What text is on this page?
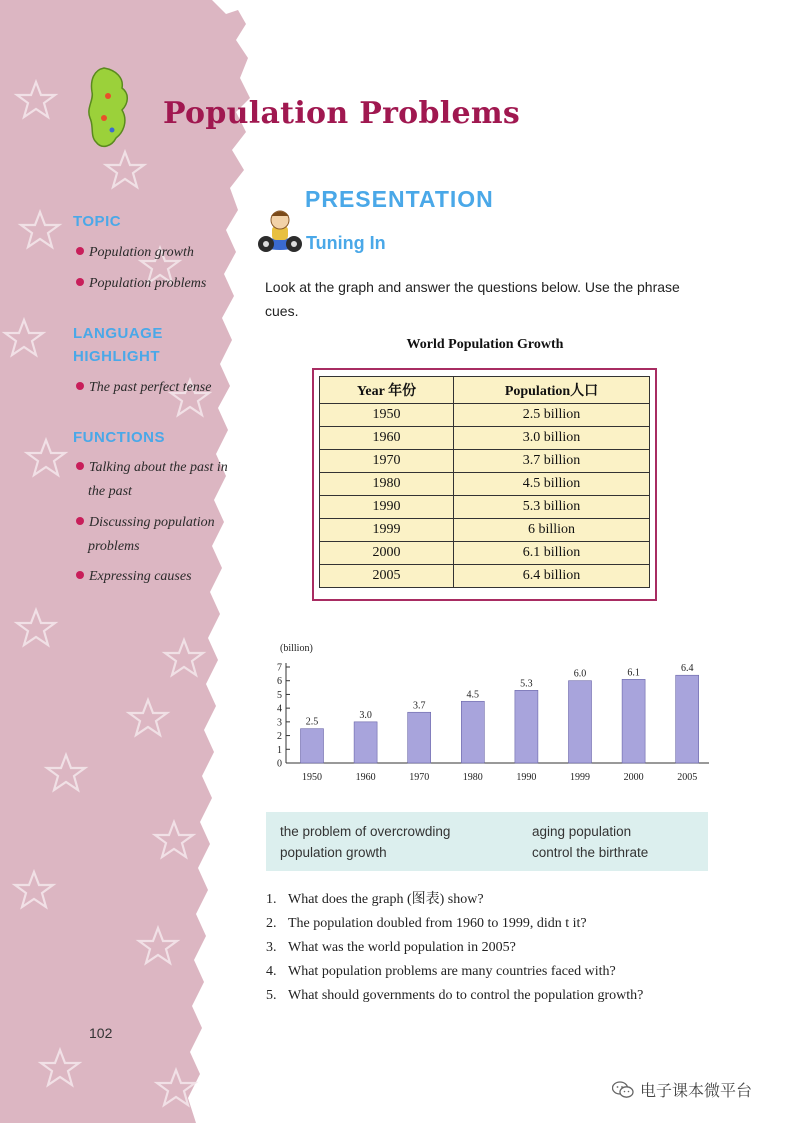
Population Problems
TOPIC
Population growth
Population problems
LANGUAGE
HIGHLIGHT
The past perfect tense
FUNCTIONS
Talking about the past in
the past
Discussing population
problems
Expressing causes
PRESENTATION
Tuning In
Look at the graph and answer the questions below. Use the phrase
cues.
World Population Growth
Year 年份	Population人口
1950	2.5 billion
1960	3.0 billion
1970	3.7 billion
1980	4.5 billion
1990	5.3 billion
1999	6 billion
2000	6.1 billion
2005	6.4 billion
(billion)
0
1
2
3
4
5
6
7
2.5
1950
3.0
1960
3.7
1970
4.5
1980
5.3
1990
6.0
1999
6.1
2000
6.4
2005
the problem of overcrowding
population growth
aging population
control the birthrate
1. What does the graph (图表) show?
2. The population doubled from 1960 to 1999, didn t it?
3. What was the world population in 2005?
4. What population problems are many countries faced with?
5. What should governments do to control the population growth?
102
电子课本微平台
